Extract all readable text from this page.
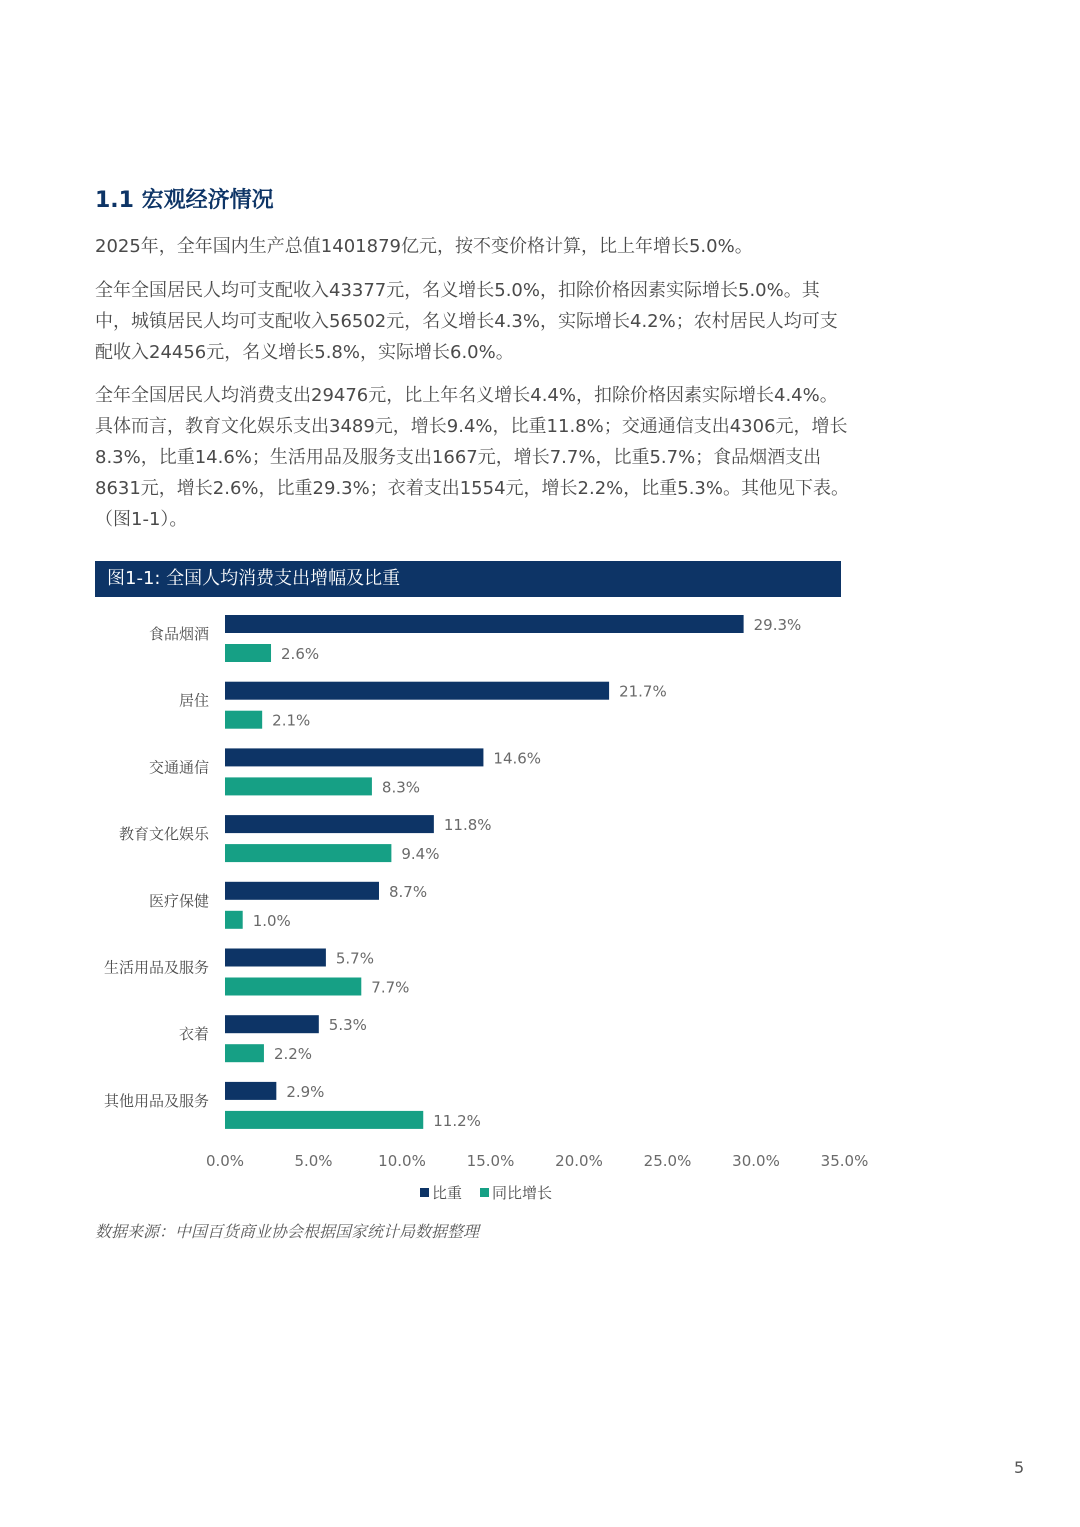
1.1 宏观经济情况

2025年，全年国内生产总值1401879亿元，按不变价格计算，比上年增长5.0%。

全年全国居民人均可支配收入43377元，名义增长5.0%，扣除价格因素实际增长5.0%。其中，城镇居民人均可支配收入56502元，名义增长4.3%，实际增长4.2%；农村居民人均可支配收入24456元，名义增长5.8%，实际增长6.0%。

全年全国居民人均消费支出29476元，比上年名义增长4.4%，扣除价格因素实际增长4.4%。具体而言，教育文化娱乐支出3489元，增长9.4%，比重11.8%；交通通信支出4306元，增长8.3%，比重14.6%；生活用品及服务支出1667元，增长7.7%，比重5.7%；食品烟酒支出8631元，增长2.6%，比重29.3%；衣着支出1554元，增长2.2%，比重5.3%。其他见下表。（图1-1）。

图1-1: 全国人均消费支出增幅及比重
食品烟酒	29.3%
2.6%
居住	21.7%
2.1%
交通通信	14.6%
8.3%
教育文化娱乐	11.8%
9.4%
医疗保健	8.7%
1.0%
生活用品及服务	5.7%
7.7%
衣着	5.3%
2.2%
其他用品及服务	2.9%
11.2%
0.0%	5.0%	10.0%	15.0%	20.0%	25.0%	30.0%	35.0%
比重 同比增长
数据来源：中国百货商业协会根据国家统计局数据整理
5
